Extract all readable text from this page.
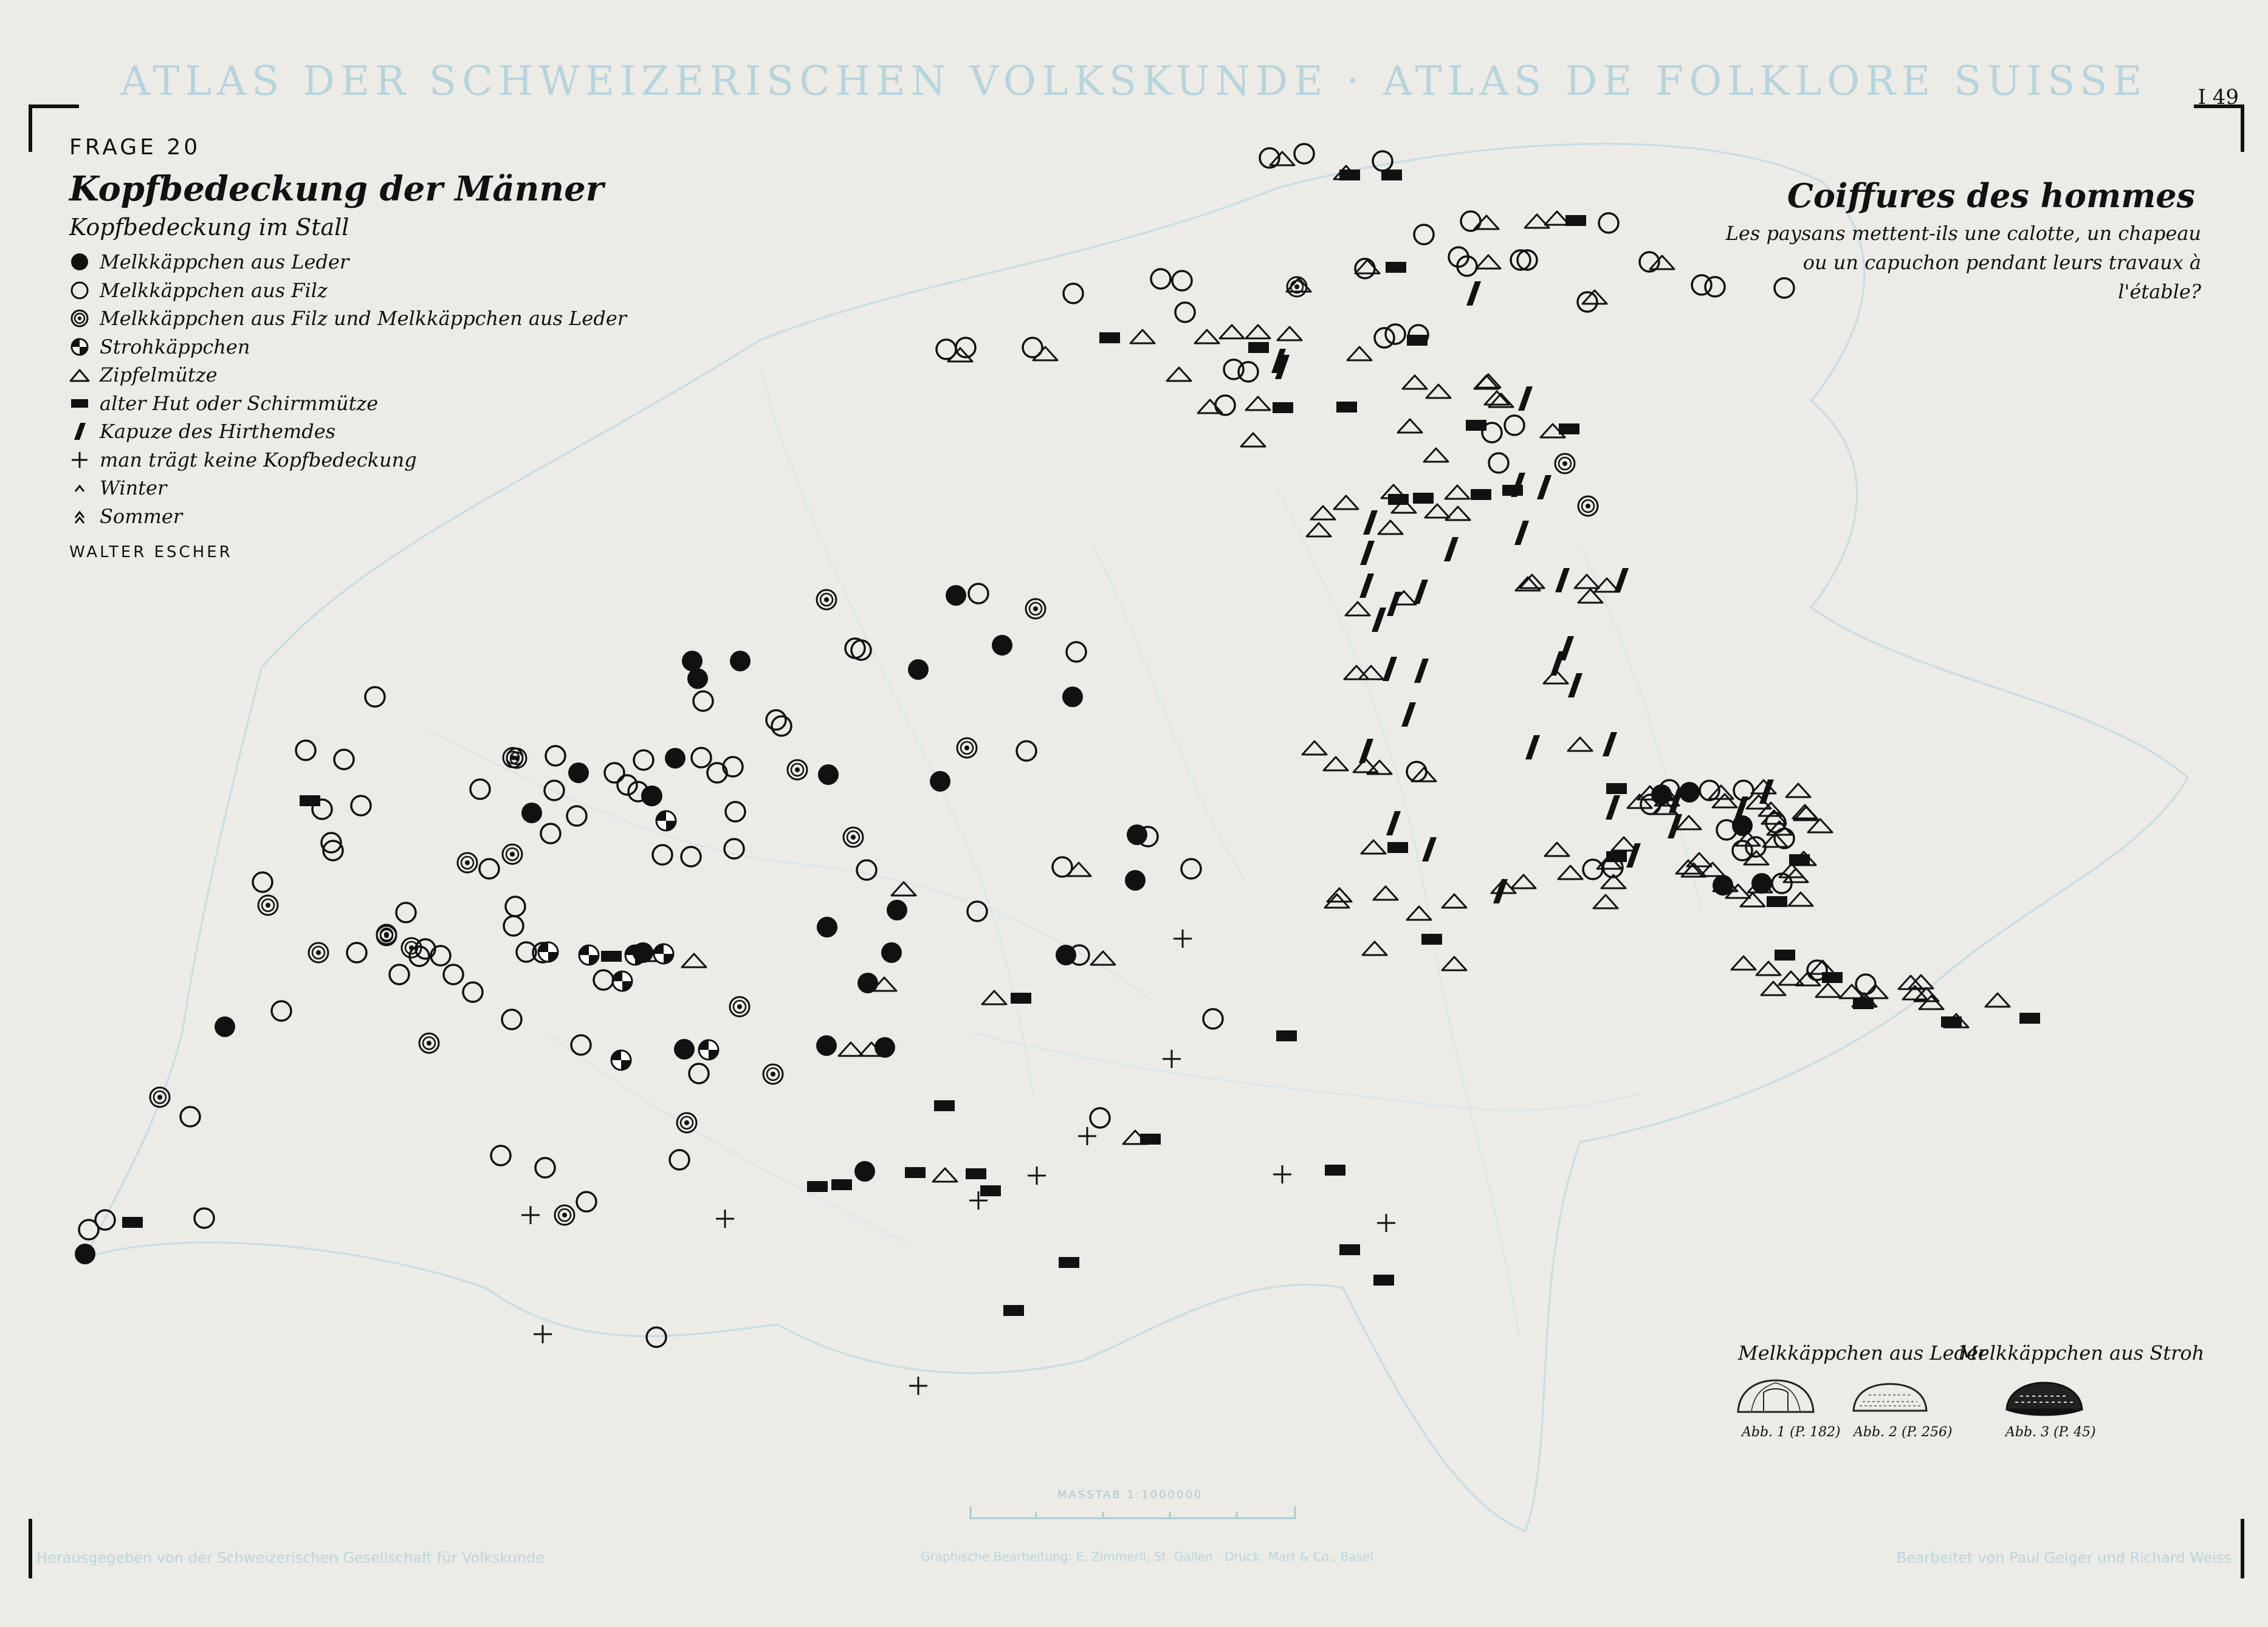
ATLAS DER SCHWEIZERISCHEN VOLKSKUNDE · ATLAS DE FOLKLORE SUISSE	I 49
FRAGE 20
Kopfbedeckung der Männer
Kopfbedeckung im Stall
Melkkäppchen aus Leder
Melkkäppchen aus Filz
Melkkäppchen aus Filz und Melkkäppchen aus Leder
Strohkäppchen
Zipfelmütze
alter Hut oder Schirmmütze
Kapuze des Hirthemdes
man trägt keine Kopfbedeckung
Winter
Sommer
WALTER ESCHER
Coiffures des hommes
Les paysans mettent-ils une calotte, un chapeau ou un capuchon pendant leurs travaux à l'étable?
Melkkäppchen aus Leder
Melkkäppchen aus Stroh
Abb. 1 (P. 182) Abb. 2 (P. 256)	Abb. 3 (P. 45)
MASSTAB 1:1000000
Herausgegeben von der Schweizerischen Gesellschaft für Volkskunde	Graphische Bearbeitung: E. Zimmerli, St. Gallen · Druck: Mart & Co., Basel	Bearbeitet von Paul Geiger und Richard Weiss
